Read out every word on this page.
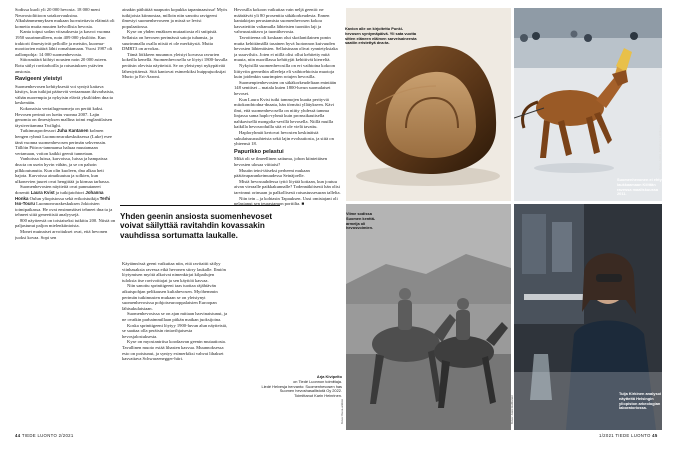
Sodissa kuoli yli 20 000 hevosta. 18 000 meni Neuvostoliittoon sotakorvauksina. Alkuhämmennyksen mukaan luovutettavia eläimiä oli kometta muita muuten kelvollisia hevosia.

Kanta toipui sodan vitsauksesta ja kasvoi vuonna 1950 suurimmilleen, noin 409 000 yksilöön. Kun traktorit ilmestyivät pelloille ja metsiin, kuorma-moottorien määrä lähti romahtamaan. Vuosi 1987 oli aallonpohja: 14 000 suomenhevosta.

Siitosmäärä kiihtyi nousten noin 20 000 asteen. Rotu säilyi ravitarhoilla ja ratsastuksen ystävien ansiosta.

Ravigeeni yleistyi

Suomenhevosen kehityksestä voi syntyä kattava käsitys, kun tutkijat pääsevät vertaamaan ikivarhaisia, vähän nuorempia ja nykyisin eläviä yksilöiden dna:ta keskenään.

Kokonaisia vertailugenomeja on peräti kaksi. Hevosen perimä on luettu vuonna 2007. Lajin genomia on ilmestyksen mallina toimi englantilaisen täysiveritamma Twilight.

Tutkimusprofessori Juha Kantanen kolmen hengen ryhmä Luonnonvarakeskuksessa (Luke) esee tänä vuonna suomenhevosen perimän sekvenssin. Tällöin Piitrox-tammansa haluaa muutamaan vertamaan, voiton kaikki geenit tunnetaan.

Vanhoissa luissa, karvoissa, luissa ja hampaissa dna:ta on usein hyvin vähän, ja se on pahoin pilkkoutunutta. Kun olin kuoleen, dna alkaa heti hajota. Karvoissa ainutkuutuu ja solkien, kun ulkonevien juuret ovat hengittää ja kirmaa tarhassa.

Suomenhevosten näytteitä ovat pannutaneet dosentti Laura Kvist ja tutkijatohtori Johanna Honka Oulun yliopistossa sekä erikoistutkija Terhi Iso-Touru Luonnonvarakeskuksen Jokioisten toimipaikassa. He ovat ensimmäiset tehneet dna:ta ja tehneet siitä geneettisiä analyysejä.

800 näytteestä on toistaiseksi tutkittu 200. Niistä on paljastunut paljon mielenkiintoista.

Monet muinaiset arvoitukset ovat, että hevonen juoksi kovaa. Sopi sen

ainakin päihittää naapurin kopukka tapaninaasissa! Myös tutkijoista kiinnostaa, milloin niin sanottu ravigeeni ilmestyi suomenhevoseen ja missä se levisi populaatiossa.

Kyse on yhden emäksen mutaatiosta eli sniipistä. Sellaisia on hevosen perimässä satoja tuhansia, ja suurimmalla osalla niistä ei ole merkitystä. Mutta DMRT3 on arvokas.

Tämä löikkeen muunnos yleistyi kovassa ravurien kokeilla kenellä. Suomenhevosella se löytyi 1800-luvulla peräisin olevista näytteistä. Se on yleistynyt nykypäivää lähestyttäessä. Sitä kantovat esimerkiksi huippujuoksijat Murto ja Eri-Aaroni.

Yhden geenin ansiosta suomenhevoset voivat säilyttää ravitahdin kovassakin vauhdissa sortumatta laukalle.

Käytännössä geeni vaikuttaa niin, että ravitaitti säilyy viinhasaksia ravessa eikä hevonen siirry laukalle. Ilmiön löytymisen myötä alkoivat nimenkirjat kilpailujen tuloksia itse ravivoittajat ja sen käyttöä kasvaa.

Niin sanottu sprinttigeeni taas tuottaa räjähtävän aikuispohjan pelikausen kultahevosen. Myöhemmin perimän tutkimusten mukaan se on yleistynyt suomenhevosissa pohjoiseurooppalaisien Euroopan lähisukulaisiaan.

Suomenhevosissa se on ajan mittaan harvinaistunut, ja ne ovatkin parhaimmillaan pitkän matkan juoksijoina.

Koska sprinttigeeni löytyy 1900-luvun alun näytteistä, se saattaa olla peräisin rintavihjaisesta hevosjalostuksesta.

Kyse on myostantriisa koodaavan geenin mutaatiosta. Tavallinen muoto estää lihasten kasvua. Muunnoksessa esto on poistunut, ja syntyy esimerkiksi vahvat lihakset kasvattava Schwarzenegger-hiiri.

Hevosilla kokoon vaikuttaa vain neljä geeniä: ne määräävät yli 80 prosenttia säkäkorkeudesta. Ennen kantakirjan perustamista suomenhevosen kokoa kasvatettiin valtamalla lähteisten tuontiin laji ja vahvuustaittava ja tuontihevosia.

Tavoitteena oli koskaan olut skotlantilainen ponin mutta kehittämällä tasainen hyvä luotonnon kuivuuden hevosten lähtenäisten. Sellaisinaan olivat rynnietyksiaka ja suurvilsiis. Joten ei niillä olisi ollut kehitetty mitä muuta, niin nuorillassa kehittyjät kehittivät kierreltä.

Nykyisillä suomenhevosilla on eri vaihtoina kokoon liittyviin geeneihin alleeleja eli vaihtoehtoisia muotoja kuin joidenkin suurimpien rotujen hevosilla.

Suomenpienhevosten on säkäkorkeudeltaan enintään 148 senttiset – matala kuten 1800-luvun suomalaiset hevoset.

Kun Laura Kvist tutki tammojen kuatta perityviä mitokondriodna-dnaata, hän törmäsi yllätykseen. Kävi ilmi, että suomenhevosella on niitty yhdessä tamma linjassa sama haplo-ryhmä kuin pronssikautisella nahkavisellä mongolia-sevillä hevosella. Niillä muilla kaikilla hevosroduilla sitä ei ole vielä tavattu.

Haploryhmät kertovat hevosten keskinäistä sukulaisuussuhteista sekä lajin evoluutiosta, ja siitä on yhteensä 18.

Papurikko pelastui

Mikä oli se ilmeellinen sattuma, johon kiinteitäsen hevosten ulosaa viittaisi?

Muutin teini-täiseksi perheeni mukaan päätävaparankeimuudessa Seinäjoelle.

Mistä hevosuuhdessa tyttö löytää kotiaan, kun joutuu aivan vieraalle paikkakunnalle? Todennäköisesti hän olisi tarvinnut orinsaan ja palkollisesti ratsastussesuran tallelta.

Niin tein – ja kohtasin Tapauksen. Uusi omistajani oli pelastanut sen teurastamon porttilta. ■

Arja Kivipelto
on Tiedé Luonnon toimittaja.
Liedé Helvesja hervanto: Suomenhevosen has
Suomen hevoshasallistotä Oy 2022.
Toimittanut Karin Heinrinen.
Kavion alle on kirjoitettu Punki-hevosen syntymäpäivä. Yli sata vuotta sitten eläneen eläimen sarveisaineesta saatiin eristettyä dna:ta.
Suomenhevonen ei ehtyi laukkaamaan Kiiittän ravessa maaliskuussa 2011.
Kuva: Jukka Juntunen / Lehtikuva
Viime sodissa Suomen kenttä-armeija oli hevosvoimien.
Kuva: Kuva-arkisto
Tuija Kirkinen analysoi näytteitä Helsingin yliopiston arkeologian laboratoriossa.
Kuva: Jussi Helttunen
44 TIEDE LUONTO 2/2021	1/2021 TIEDE LUONTO 45
